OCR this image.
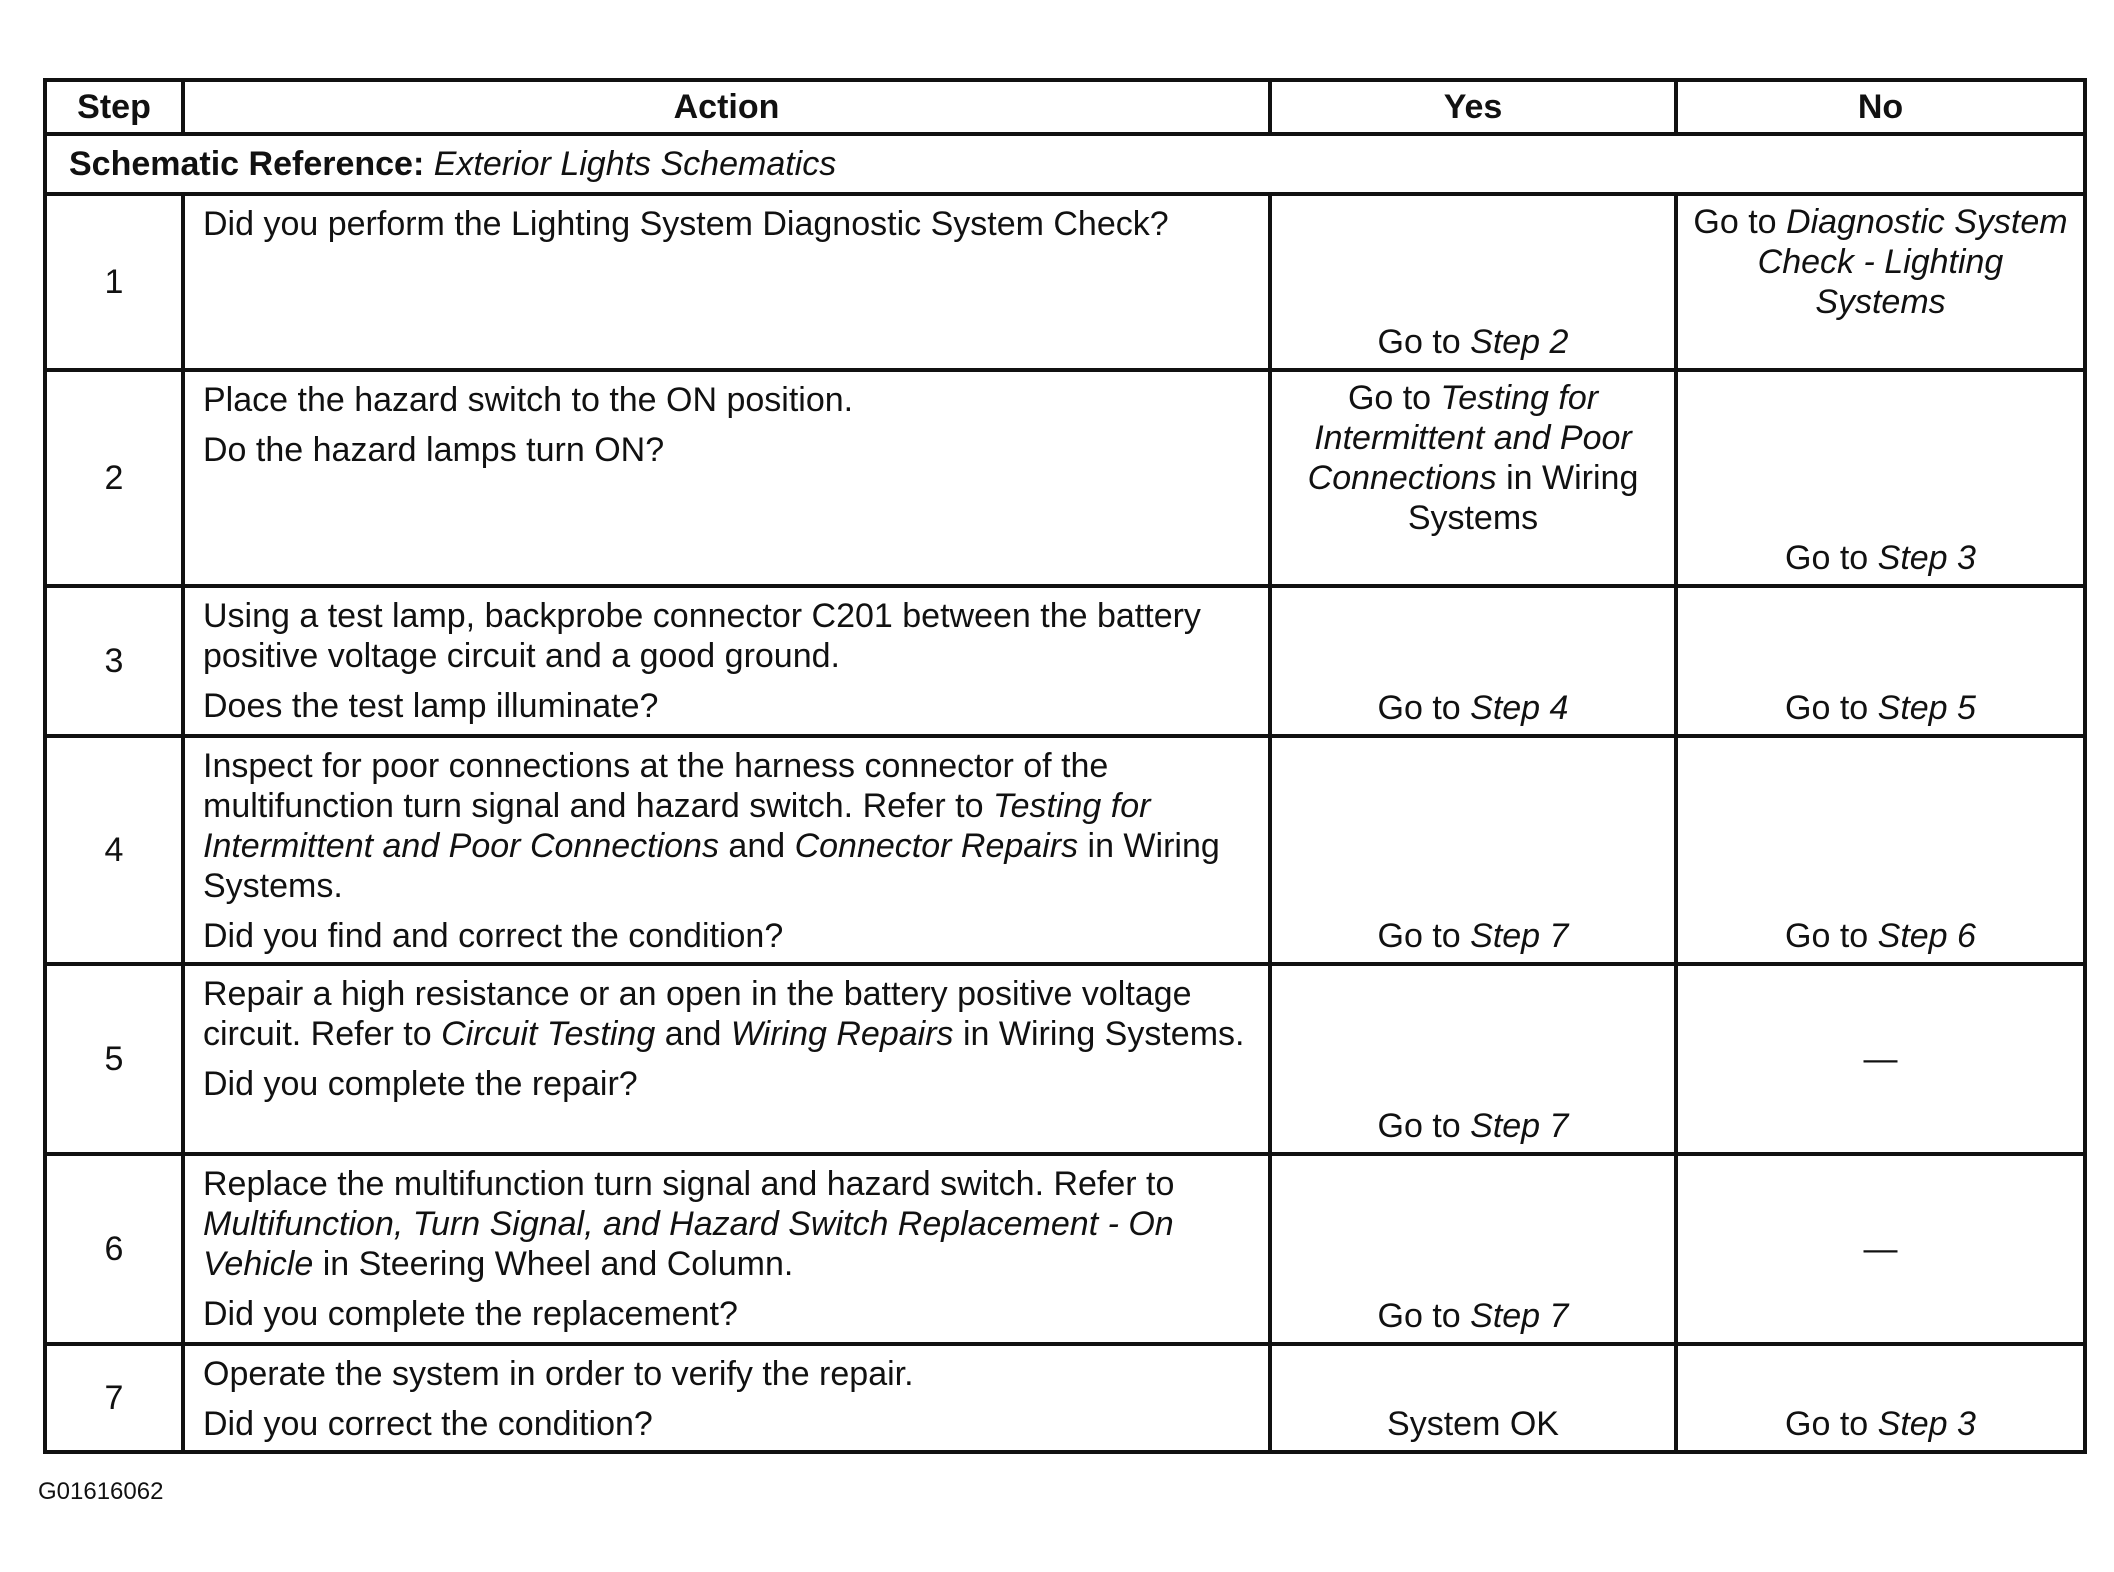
Step	Action	Yes	No
Schematic Reference: Exterior Lights Schematics			
1	Did you perform the Lighting System Diagnostic System Check?	Go to Step 2	Go to Diagnostic System Check - Lighting Systems
2	Place the hazard switch to the ON position.

Do the hazard lamps turn ON?	Go to Testing for Intermittent and Poor Connections in Wiring Systems	Go to Step 3
3	Using a test lamp, backprobe connector C201 between the battery positive voltage circuit and a good ground.

Does the test lamp illuminate?	Go to Step 4	Go to Step 5
4	Inspect for poor connections at the harness connector of the multifunction turn signal and hazard switch. Refer to Testing for Intermittent and Poor Connections and Connector Repairs in Wiring Systems.

Did you find and correct the condition?	Go to Step 7	Go to Step 6
5	Repair a high resistance or an open in the battery positive voltage circuit. Refer to Circuit Testing and Wiring Repairs in Wiring Systems.

Did you complete the repair?	Go to Step 7	—
6	Replace the multifunction turn signal and hazard switch. Refer to Multifunction, Turn Signal, and Hazard Switch Replacement - On Vehicle in Steering Wheel and Column.

Did you complete the replacement?	Go to Step 7	—
7	Operate the system in order to verify the repair.

Did you correct the condition?	System OK	Go to Step 3
G01616062
